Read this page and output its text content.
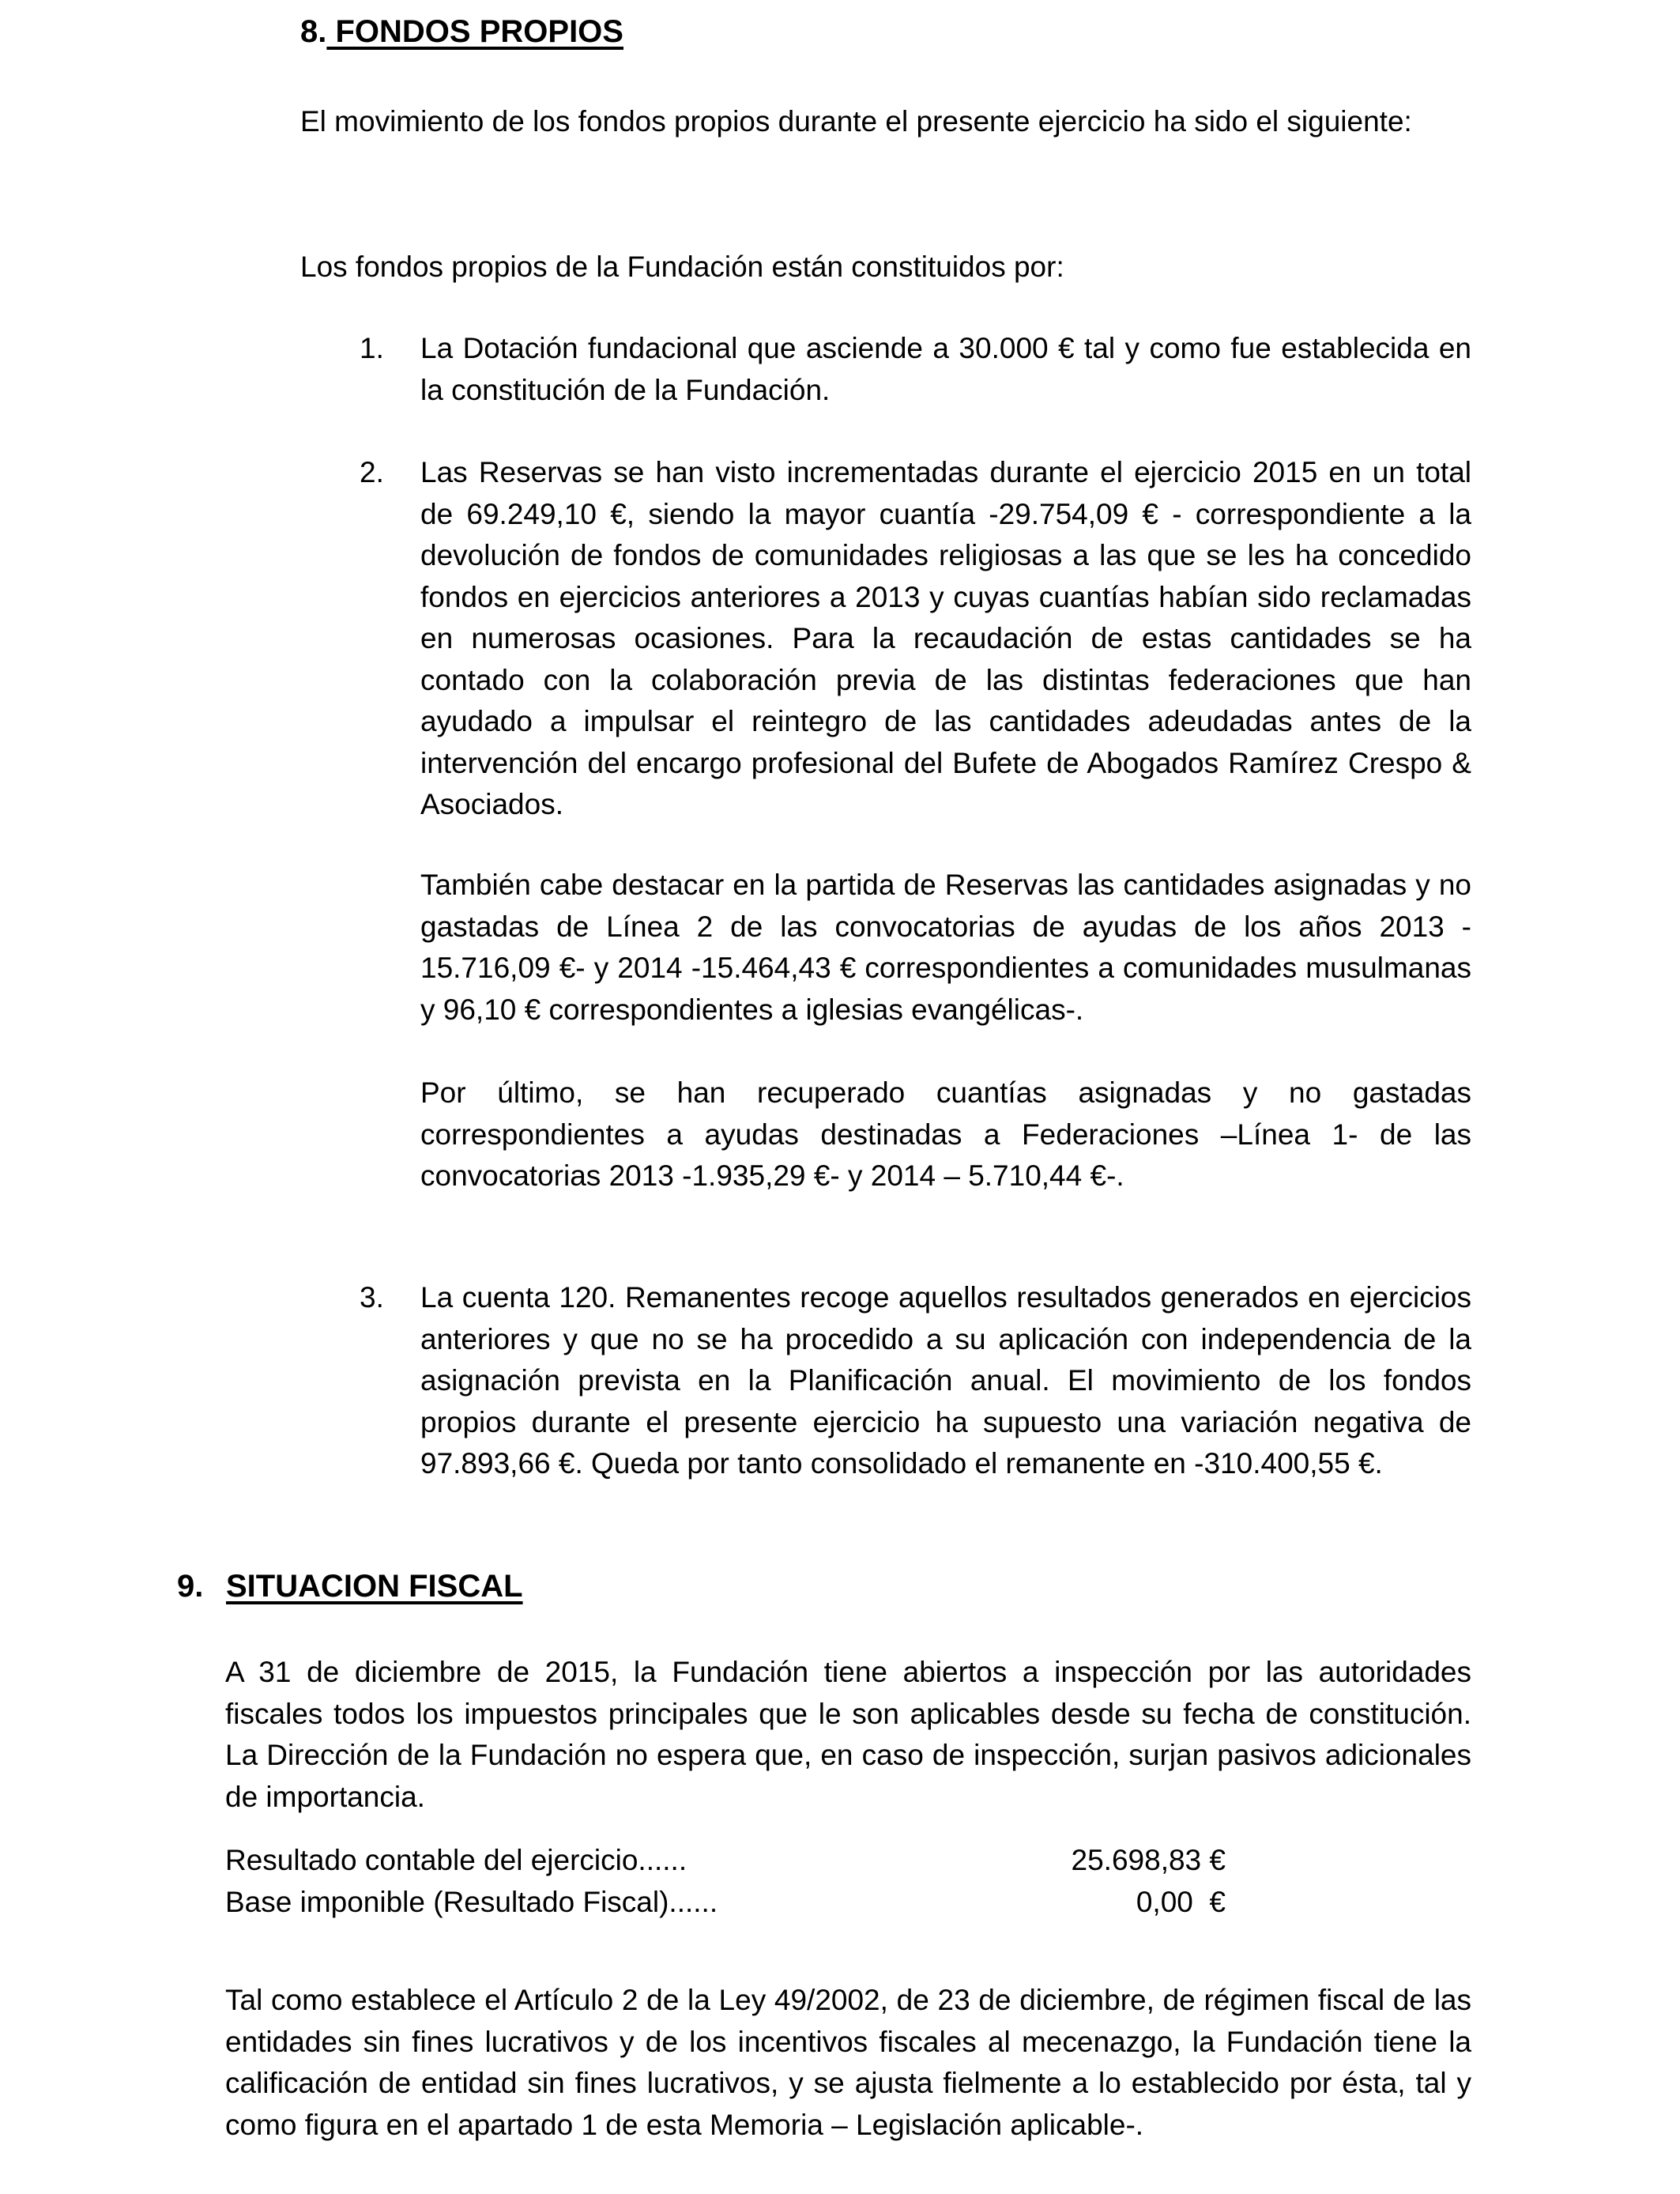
8. FONDOS PROPIOS

El movimiento de los fondos propios durante el presente ejercicio ha sido el siguiente:

Los fondos propios de la Fundación están constituidos por:

1. La Dotación fundacional que asciende a 30.000 € tal y como fue establecida en la constitución de la Fundación.

2. Las Reservas se han visto incrementadas durante el ejercicio 2015 en un total de 69.249,10 €, siendo la mayor cuantía -29.754,09 € - correspondiente a la devolución de fondos de comunidades religiosas a las que se les ha concedido fondos en ejercicios anteriores a 2013 y cuyas cuantías habían sido reclamadas en numerosas ocasiones. Para la recaudación de estas cantidades se ha contado con la colaboración previa de las distintas federaciones que han ayudado a impulsar el reintegro de las cantidades adeudadas antes de la intervención del encargo profesional del Bufete de Abogados Ramírez Crespo & Asociados.

También cabe destacar en la partida de Reservas las cantidades asignadas y no gastadas de Línea 2 de las convocatorias de ayudas de los años 2013 - 15.716,09 €- y 2014 -15.464,43 € correspondientes a comunidades musulmanas y 96,10 € correspondientes a iglesias evangélicas-.

Por último, se han recuperado cuantías asignadas y no gastadas correspondientes a ayudas destinadas a Federaciones –Línea 1- de las convocatorias 2013 -1.935,29 €- y 2014 – 5.710,44 €-.

3. La cuenta 120. Remanentes recoge aquellos resultados generados en ejercicios anteriores y que no se ha procedido a su aplicación con independencia de la asignación prevista en la Planificación anual. El movimiento de los fondos propios durante el presente ejercicio ha supuesto una variación negativa de 97.893,66 €. Queda por tanto consolidado el remanente en -310.400,55 €.

9. SITUACION FISCAL

A 31 de diciembre de 2015, la Fundación tiene abiertos a inspección por las autoridades fiscales todos los impuestos principales que le son aplicables desde su fecha de constitución. La Dirección de la Fundación no espera que, en caso de inspección, surjan pasivos adicionales de importancia.

Resultado contable del ejercicio......	25.698,83 €
Base imponible (Resultado Fiscal)......	0,00  €

Tal como establece el Artículo 2 de la Ley 49/2002, de 23 de diciembre, de régimen fiscal de las entidades sin fines lucrativos y de los incentivos fiscales al mecenazgo, la Fundación tiene la calificación de entidad sin fines lucrativos, y se ajusta fielmente a lo establecido por ésta, tal y como figura en el apartado 1 de esta Memoria – Legislación aplicable-.
